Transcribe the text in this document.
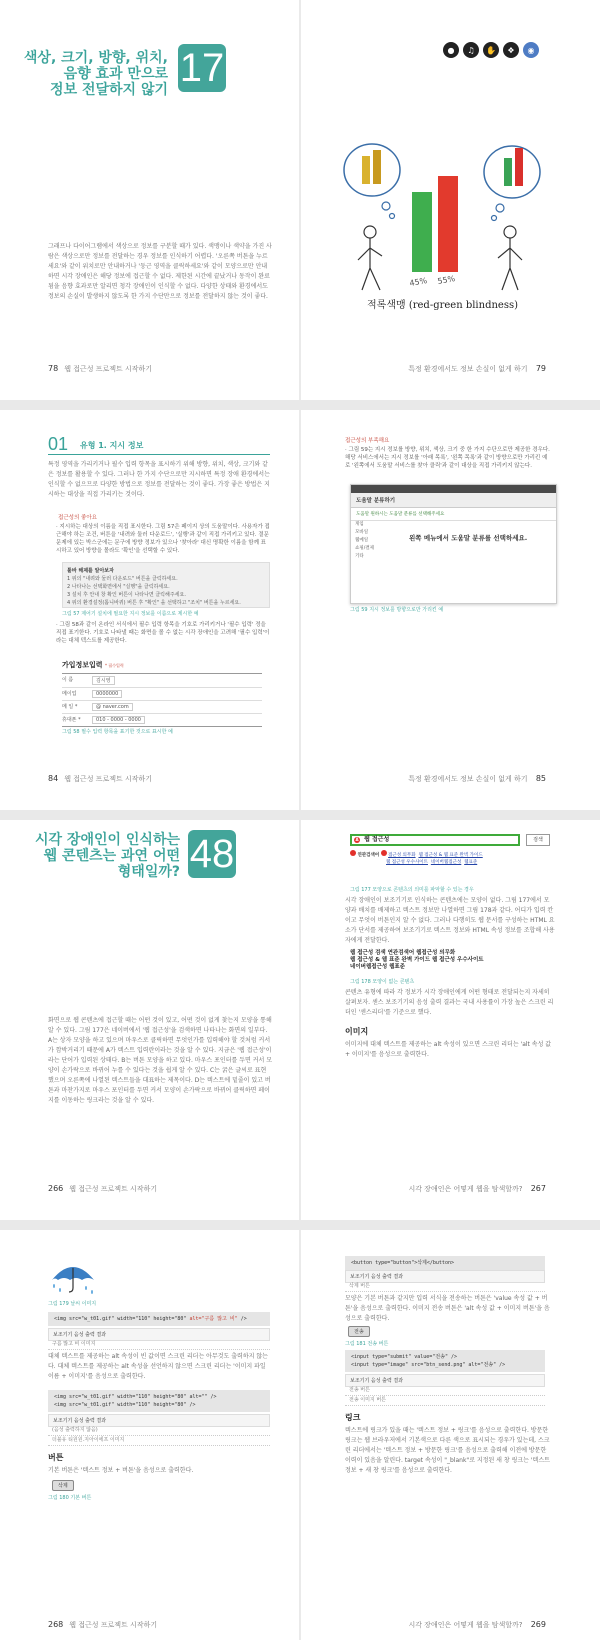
색상, 크기, 방향, 위치,
음향 효과 만으로
정보 전달하지 않기 17	●	♫	✋	❖	◉
그래프나 다이어그램에서 색상으로 정보를 구분할 때가 있다. 색맹이나 색약을 가진 사람은 색상으로만 정보를 전달하는 경우 정보를 인식하기 어렵다. '오른쪽 버튼을 누르세요'와 같이 위치로만 안내하거나 '둥근 영역을 클릭하세요'와 같이 모양으로만 안내하면 시각 장애인은 해당 정보에 접근할 수 없다. 제한된 시간에 끝났거나 동작이 완료됨을 음향 효과로만 알리면 청각 장애인이 인식할 수 없다. 다양한 상태와 환경에서도 정보의 손실이 발생하지 않도록 한 가지 수단만으로 정보를 전달하지 않는 것이 좋다.
45% 55%
적록색맹 (red-green blindness)
78 웹 접근성 프로젝트 시작하기	특정 환경에서도 정보 손실이 없게 하기 79
01 유형 1. 지시 정보
특정 영역을 가리키거나 필수 입력 항목을 표시하기 위해 방향, 위치, 색상, 크기와 같은 정보를 활용할 수 있다. 그러나 한 가지 수단으로만 지시하면 특정 장애 환경에서는 인식할 수 없으므로 다양한 방법으로 정보를 전달하는 것이 좋다. 가장 좋은 방법은 지시하는 대상을 직접 가리키는 것이다.
접근성의 좋아요
· 지시하는 대상의 이름을 직접 표시한다. 그림 57은 페이지 상의 도움말이다. 사용자가 접근해야 하는 조건, 버튼을 '내려와 둘러 다운로드', '실행'과 같이 직접 가리키고 있다. 결문 문제에 있는 박스군에는 문구에 방향 정보가 있으나 '찾아라' 대신 명확한 이름을 함께 표시하고 있어 방향을 몰라도 '확인'을 선택할 수 있다.
툴바 해제를 알아보자
1 위의 "내려와 둘러 다운로드" 버튼을 클릭하세요.
2 나타나는 선택화면에서 "실행"을 클릭하세요.
3 설치 후 안내 창 확인 버튼이 나타나면 클릭해주세요.
4 위의 환경설정(톱니바퀴) 버튼 후 "확인" 을 선택하고 "조치" 버튼을 누르세요.
그림 57 제어기 설치에 필요한 지시 정보를 이름으로 제시한 예
· 그림 58과 같이 온라인 서식에서 필수 입력 항목을 기호로 가리키거나 '필수 입력' 정을 직접 표기한다. 기호로 나타낼 때는 화면을 볼 수 없는 시각 장애인을 고려해 '필수 입력'이라는 대체 텍스트를 제공한다.
가입정보입력 * 필수입력
이 름	김시영
메이업	0000000
메 일 *	@ naver.com
휴대폰 *	010 - 0000 - 0000
그림 58 필수 입력 항목을 표기한 것으로 표시한 예
접근성의 부족해요
· 그림 59는 지시 정보를 방향, 위치, 색상, 크기 중 한 가지 수단으로만 제공한 경우다. 해당 서비스에서는 지시 정보를 '아래 목록', '왼쪽 목록'과 같이 방향으로만 가리킨 예로 '왼쪽에서 도움말 서비스를 찾아 클릭'과 같이 대상을 직접 가리키지 않는다.
도움말 분류하기
도움말 원하시는 도움말 분류를 선택해주세요
게임
모바일
웹메일
쇼핑/결제
기타
왼쪽 메뉴에서 도움말 분류를 선택하세요.
그림 59 지시 정보를 방향으로만 가리킨 예
84 웹 접근성 프로젝트 시작하기	특정 환경에서도 정보 손실이 없게 하기 85
시각 장애인이 인식하는
웹 콘텐츠는 과연 어떤
형태일까? 48
화면으로 웹 콘텐츠에 접근할 때는 어떤 것이 있고, 어떤 것이 없게 찾는지 모양을 통해 알 수 있다. 그림 177은 네이버에서 '웹 접근성'을 검색하면 나타나는 화면의 일부다. A는 상자 모양을 하고 있으며 마우스로 클릭하면 무엇인가를 입력해야 할 것처럼 커서가 깜박거리기 때문에 A가 텍스트 입력란이라는 것을 알 수 있다. 지금은 '웹 접근성'이라는 단어가 입력된 상태다. B는 버튼 모양을 하고 있다. 마우스 포인터를 두면 커서 모양이 손가락으로 바뀌어 누를 수 있다는 것을 쉽게 알 수 있다. C는 굵은 글씨로 표현했으며 오른쪽에 나열된 텍스트들을 대표하는 제목이다. D는 텍스트에 밑줄이 있고 버튼과 마찬가지로 마우스 포인터를 두면 커서 모양이 손가락으로 바뀌어 클릭하면 페이지를 이동하는 링크라는 것을 알 수 있다.
A 웹 접근성	검색
연관검색어 접근성 의무화 웹 접근성 & 웹 표준 완벽 가이드
웹 접근성 우수사이트 네이버웹접근성 웹표준
그림 177 모양으로 콘텐츠의 의미를 파악할 수 있는 경우
시각 장애인이 보조기기로 인식하는 콘텐츠에는 모양이 없다. 그림 177에서 모양과 배치를 배제하고 텍스트 정보만 나열하면 그림 178과 같다. 어디가 입력 칸이고 무엇이 버튼인지 알 수 없다. 그러나 다행히도 웹 문서를 구성하는 HTML 요소가 단서를 제공하여 보조기기로 텍스트 정보와 HTML 속성 정보를 조합해 사용자에게 전달한다.
웹 접근성 검색 연관검색어 웹접근성 의무화
웹 접근성 & 웹 표준 완벽 가이드 웹 접근성 우수사이트
네이버웹접근성 웹표준
그림 178 모양이 없는 콘텐츠
콘텐츠 유형에 따라 각 정보가 시각 장애인에게 어떤 형태로 전달되는지 자세히 살펴보자. 센스 보조기기의 음성 출력 결과는 국내 사용률이 가장 높은 스크린 리더인 '센스리더'를 기준으로 했다.
이미지
이미지에 대체 텍스트를 제공하는 alt 속성이 있으면 스크린 리더는 'alt 속성 값 + 이미지'를 음성으로 출력한다.
266 웹 접근성 프로젝트 시작하기	시각 장애인은 어떻게 웹을 탐색할까? 267
그림 179 날씨 이미지
<img src="w_t01.gif" width="110" height="80" alt="구름 많고 비" />
보조기기 음성 출력 결과
구름 많고 비 이미지
대체 텍스트를 제공하는 alt 속성이 빈 값이면 스크린 리더는 아무것도 출력하지 않는다. 대체 텍스트를 제공하는 alt 속성을 선언하지 않으면 스크린 리더는 '이미지 파일 이름 + 이미지'를 음성으로 출력한다.
<img src="w_t01.gif" width="110" height="80" alt="" />
<img src="w_t01.gif" width="110" height="80" />
보조기기 음성 출력 결과
(음성 출력하지 않음)
더블유 티원원.지아이에프 이미지
버튼
기본 버튼은 '텍스트 정보 + 버튼'을 음성으로 출력한다.
삭제
그림 180 기본 버튼
<button type="button">삭제</button>
보조기기 음성 출력 결과
삭제 버튼
모양은 기본 버튼과 같지만 입력 서식을 전송하는 버튼은 'value 속성 값 + 버튼'을 음성으로 출력한다. 이미지 전송 버튼은 'alt 속성 값 + 이미지 버튼'을 음성으로 출력한다.
전송
그림 181 전송 버튼
<input type="submit" value="전송" />
<input type="image" src="btn_send.png" alt="전송" />
보조기기 음성 출력 결과
전송 버튼
전송 이미지 버튼
링크
텍스트에 링크가 있을 때는 '텍스트 정보 + 링크'를 음성으로 출력한다. 방문한 링크는 웹 브라우저에서 기본색으로 다른 색으로 표시되는 경우가 있는데, 스크린 리더에서는 '텍스트 정보 + 방문한 링크'를 음성으로 출력해 이전에 방문한 이력이 있음을 알린다. target 속성이 "_blank"로 지정된 새 창 링크는 '텍스트 정보 + 새 창 링크'를 음성으로 출력한다.
268 웹 접근성 프로젝트 시작하기	시각 장애인은 어떻게 웹을 탐색할까? 269
